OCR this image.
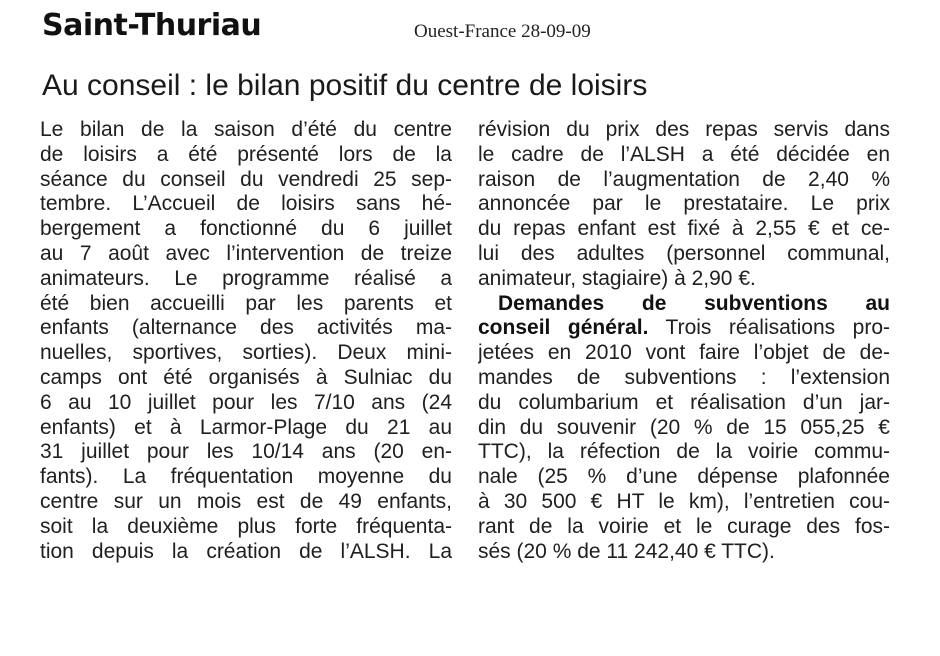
Saint-Thuriau	Ouest-France 28-09-09
Au conseil : le bilan positif du centre de loisirs
Le bilan de la saison d’été du centre
de loisirs a été présenté lors de la
séance du conseil du vendredi 25 sep-
tembre. L’Accueil de loisirs sans hé-
bergement a fonctionné du 6 juillet
au 7 août avec l’intervention de treize
animateurs. Le programme réalisé a
été bien accueilli par les parents et
enfants (alternance des activités ma-
nuelles, sportives, sorties). Deux mini-
camps ont été organisés à Sulniac du
6 au 10 juillet pour les 7/10 ans (24
enfants) et à Larmor-Plage du 21 au
31 juillet pour les 10/14 ans (20 en-
fants). La fréquentation moyenne du
centre sur un mois est de 49 enfants,
soit la deuxième plus forte fréquenta-
tion depuis la création de l’ALSH. La
révision du prix des repas servis dans
le cadre de l’ALSH a été décidée en
raison de l’augmentation de 2,40 %
annoncée par le prestataire. Le prix
du repas enfant est fixé à 2,55 € et ce-
lui des adultes (personnel communal,
animateur, stagiaire) à 2,90 €.
Demandes de subventions au
conseil général. Trois réalisations pro-
jetées en 2010 vont faire l’objet de de-
mandes de subventions : l’extension
du columbarium et réalisation d’un jar-
din du souvenir (20 % de 15 055,25 €
TTC), la réfection de la voirie commu-
nale (25 % d’une dépense plafonnée
à 30 500 € HT le km), l’entretien cou-
rant de la voirie et le curage des fos-
sés (20 % de 11 242,40 € TTC).
